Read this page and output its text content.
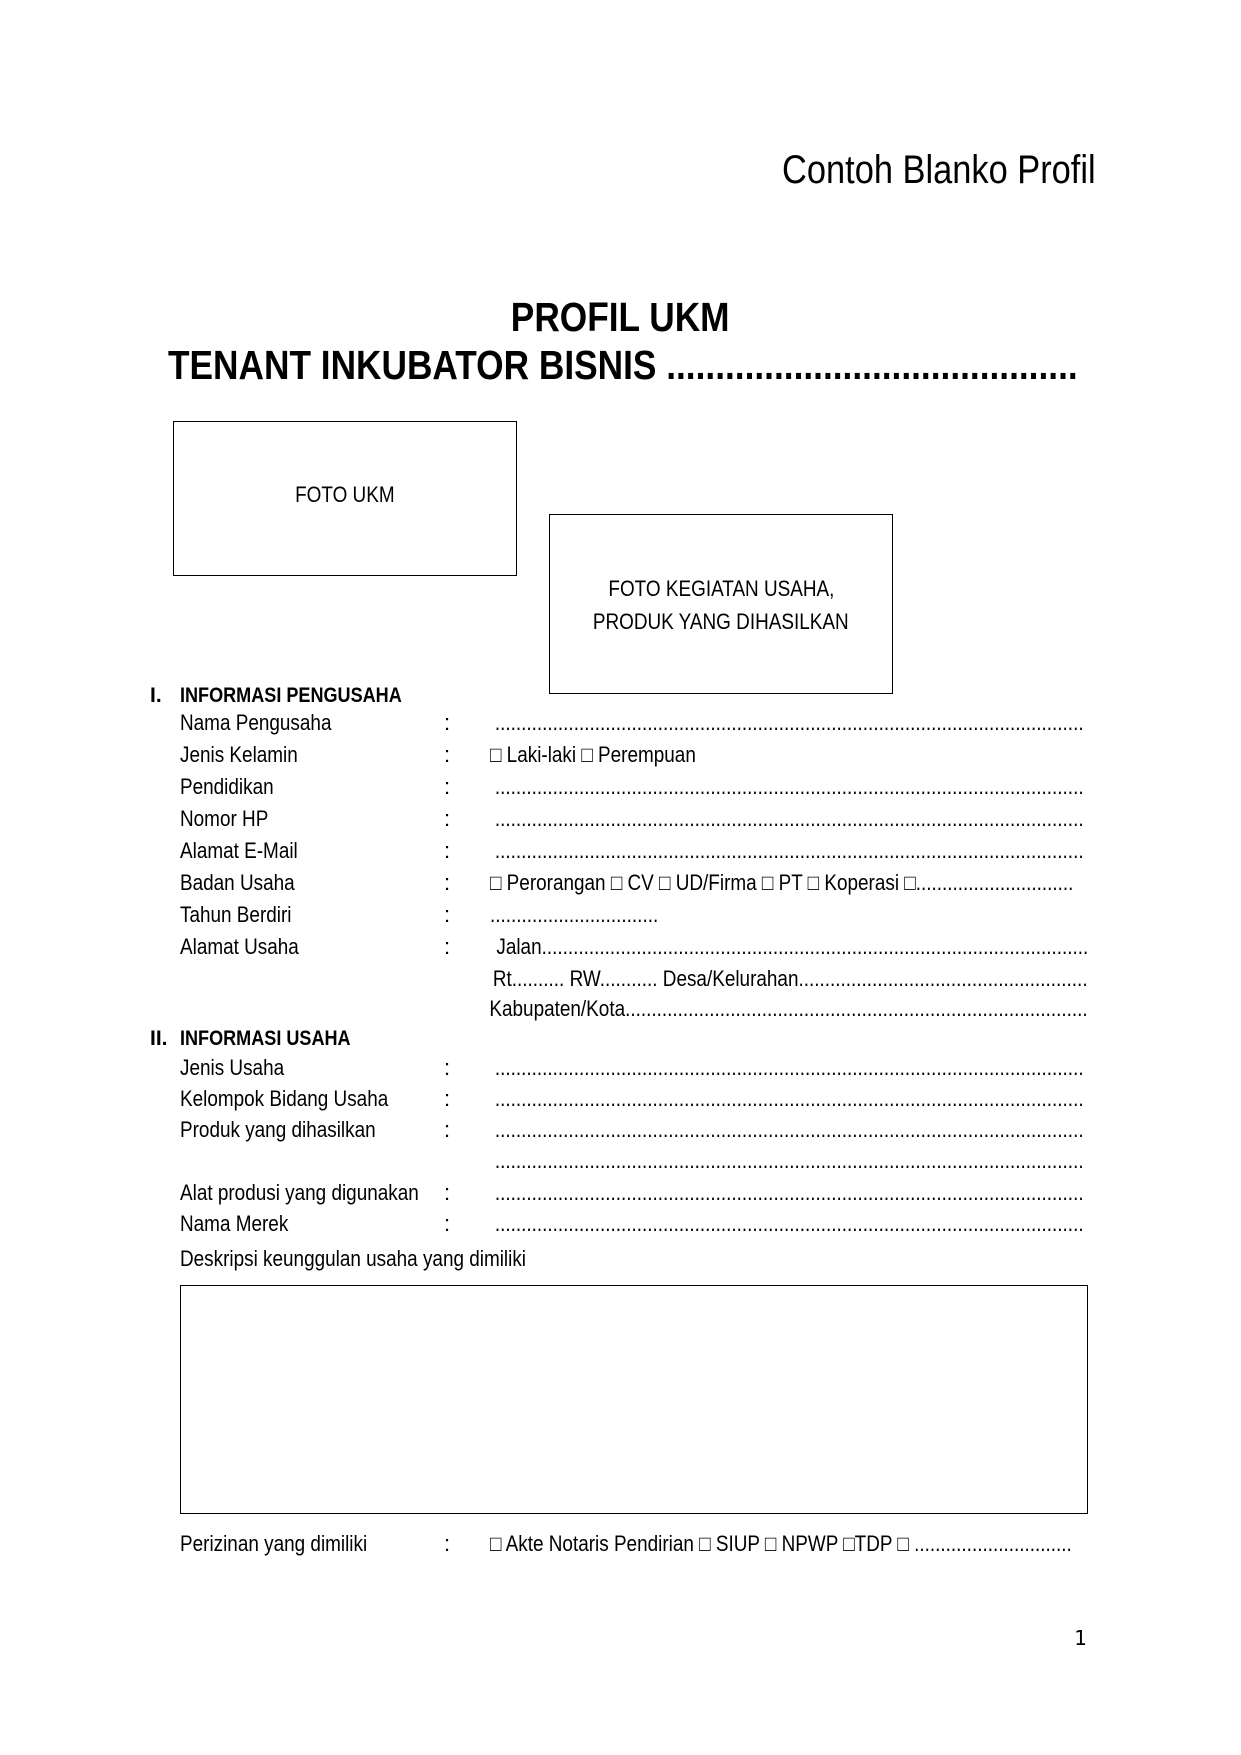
Contoh Blanko Profil
PROFIL UKM
TENANT INKUBATOR BISNIS ..........................................
FOTO UKM
FOTO KEGIATAN USAHA,
PRODUK YANG DIHASILKAN
I. INFORMASI PENGUSAHA
Nama Pengusaha	: ................................................................................................................
Jenis Kelamin	: □ Laki-laki □ Perempuan
Pendidikan	: ................................................................................................................
Nomor HP	: ................................................................................................................
Alamat E-Mail	: ................................................................................................................
Badan Usaha	: □ Perorangan □ CV □ UD/Firma □ PT □ Koperasi □..............................
Tahun Berdiri	: ................................
Alamat Usaha	: Jalan........................................................................................................
Rt.......... RW........... Desa/Kelurahan.......................................................
Kabupaten/Kota........................................................................................
II. INFORMASI USAHA
Jenis Usaha	: ................................................................................................................
Kelompok Bidang Usaha	: ................................................................................................................
Produk yang dihasilkan	: ................................................................................................................
................................................................................................................
Alat produsi yang digunakan : ................................................................................................................
Nama Merek	: ................................................................................................................
Deskripsi keunggulan usaha yang dimiliki
Perizinan yang dimiliki	: □ Akte Notaris Pendirian □ SIUP □ NPWP □TDP □ ..............................
1
